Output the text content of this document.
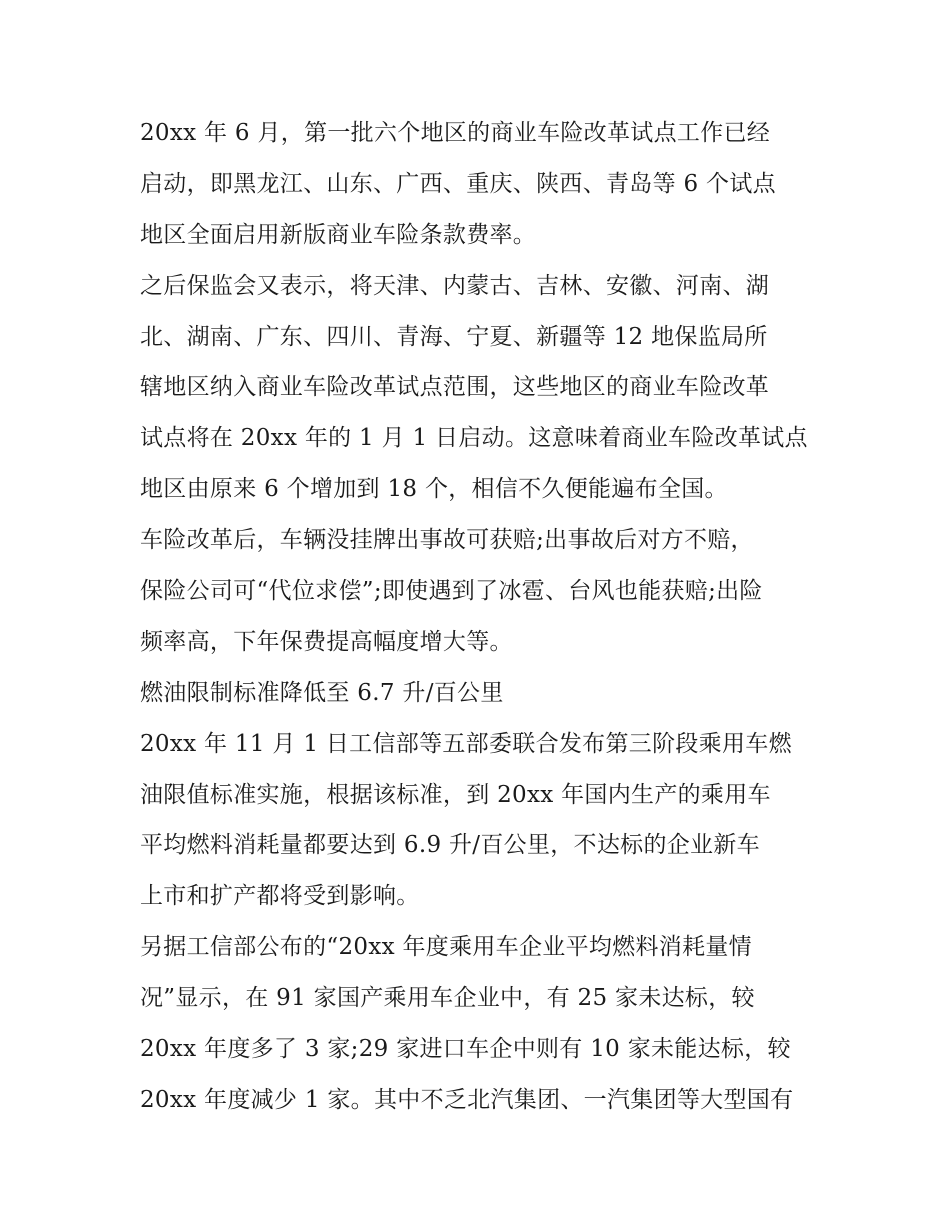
20xx 年 6 月，第一批六个地区的商业车险改革试点工作已经
启动，即黑龙江、山东、广西、重庆、陕西、青岛等 6 个试点
地区全面启用新版商业车险条款费率。
之后保监会又表示，将天津、内蒙古、吉林、安徽、河南、湖
北、湖南、广东、四川、青海、宁夏、新疆等 12 地保监局所
辖地区纳入商业车险改革试点范围，这些地区的商业车险改革
试点将在 20xx 年的 1 月 1 日启动。这意味着商业车险改革试点
地区由原来 6 个增加到 18 个，相信不久便能遍布全国。
车险改革后，车辆没挂牌出事故可获赔;出事故后对方不赔，
保险公司可“代位求偿”;即使遇到了冰雹、台风也能获赔;出险
频率高，下年保费提高幅度增大等。
燃油限制标准降低至 6.7 升/百公里
20xx 年 11 月 1 日工信部等五部委联合发布第三阶段乘用车燃
油限值标准实施，根据该标准，到 20xx 年国内生产的乘用车
平均燃料消耗量都要达到 6.9 升/百公里，不达标的企业新车
上市和扩产都将受到影响。
另据工信部公布的“20xx 年度乘用车企业平均燃料消耗量情
况”显示，在 91 家国产乘用车企业中，有 25 家未达标，较
20xx 年度多了 3 家;29 家进口车企中则有 10 家未能达标，较
20xx 年度减少 1 家。其中不乏北汽集团、一汽集团等大型国有
